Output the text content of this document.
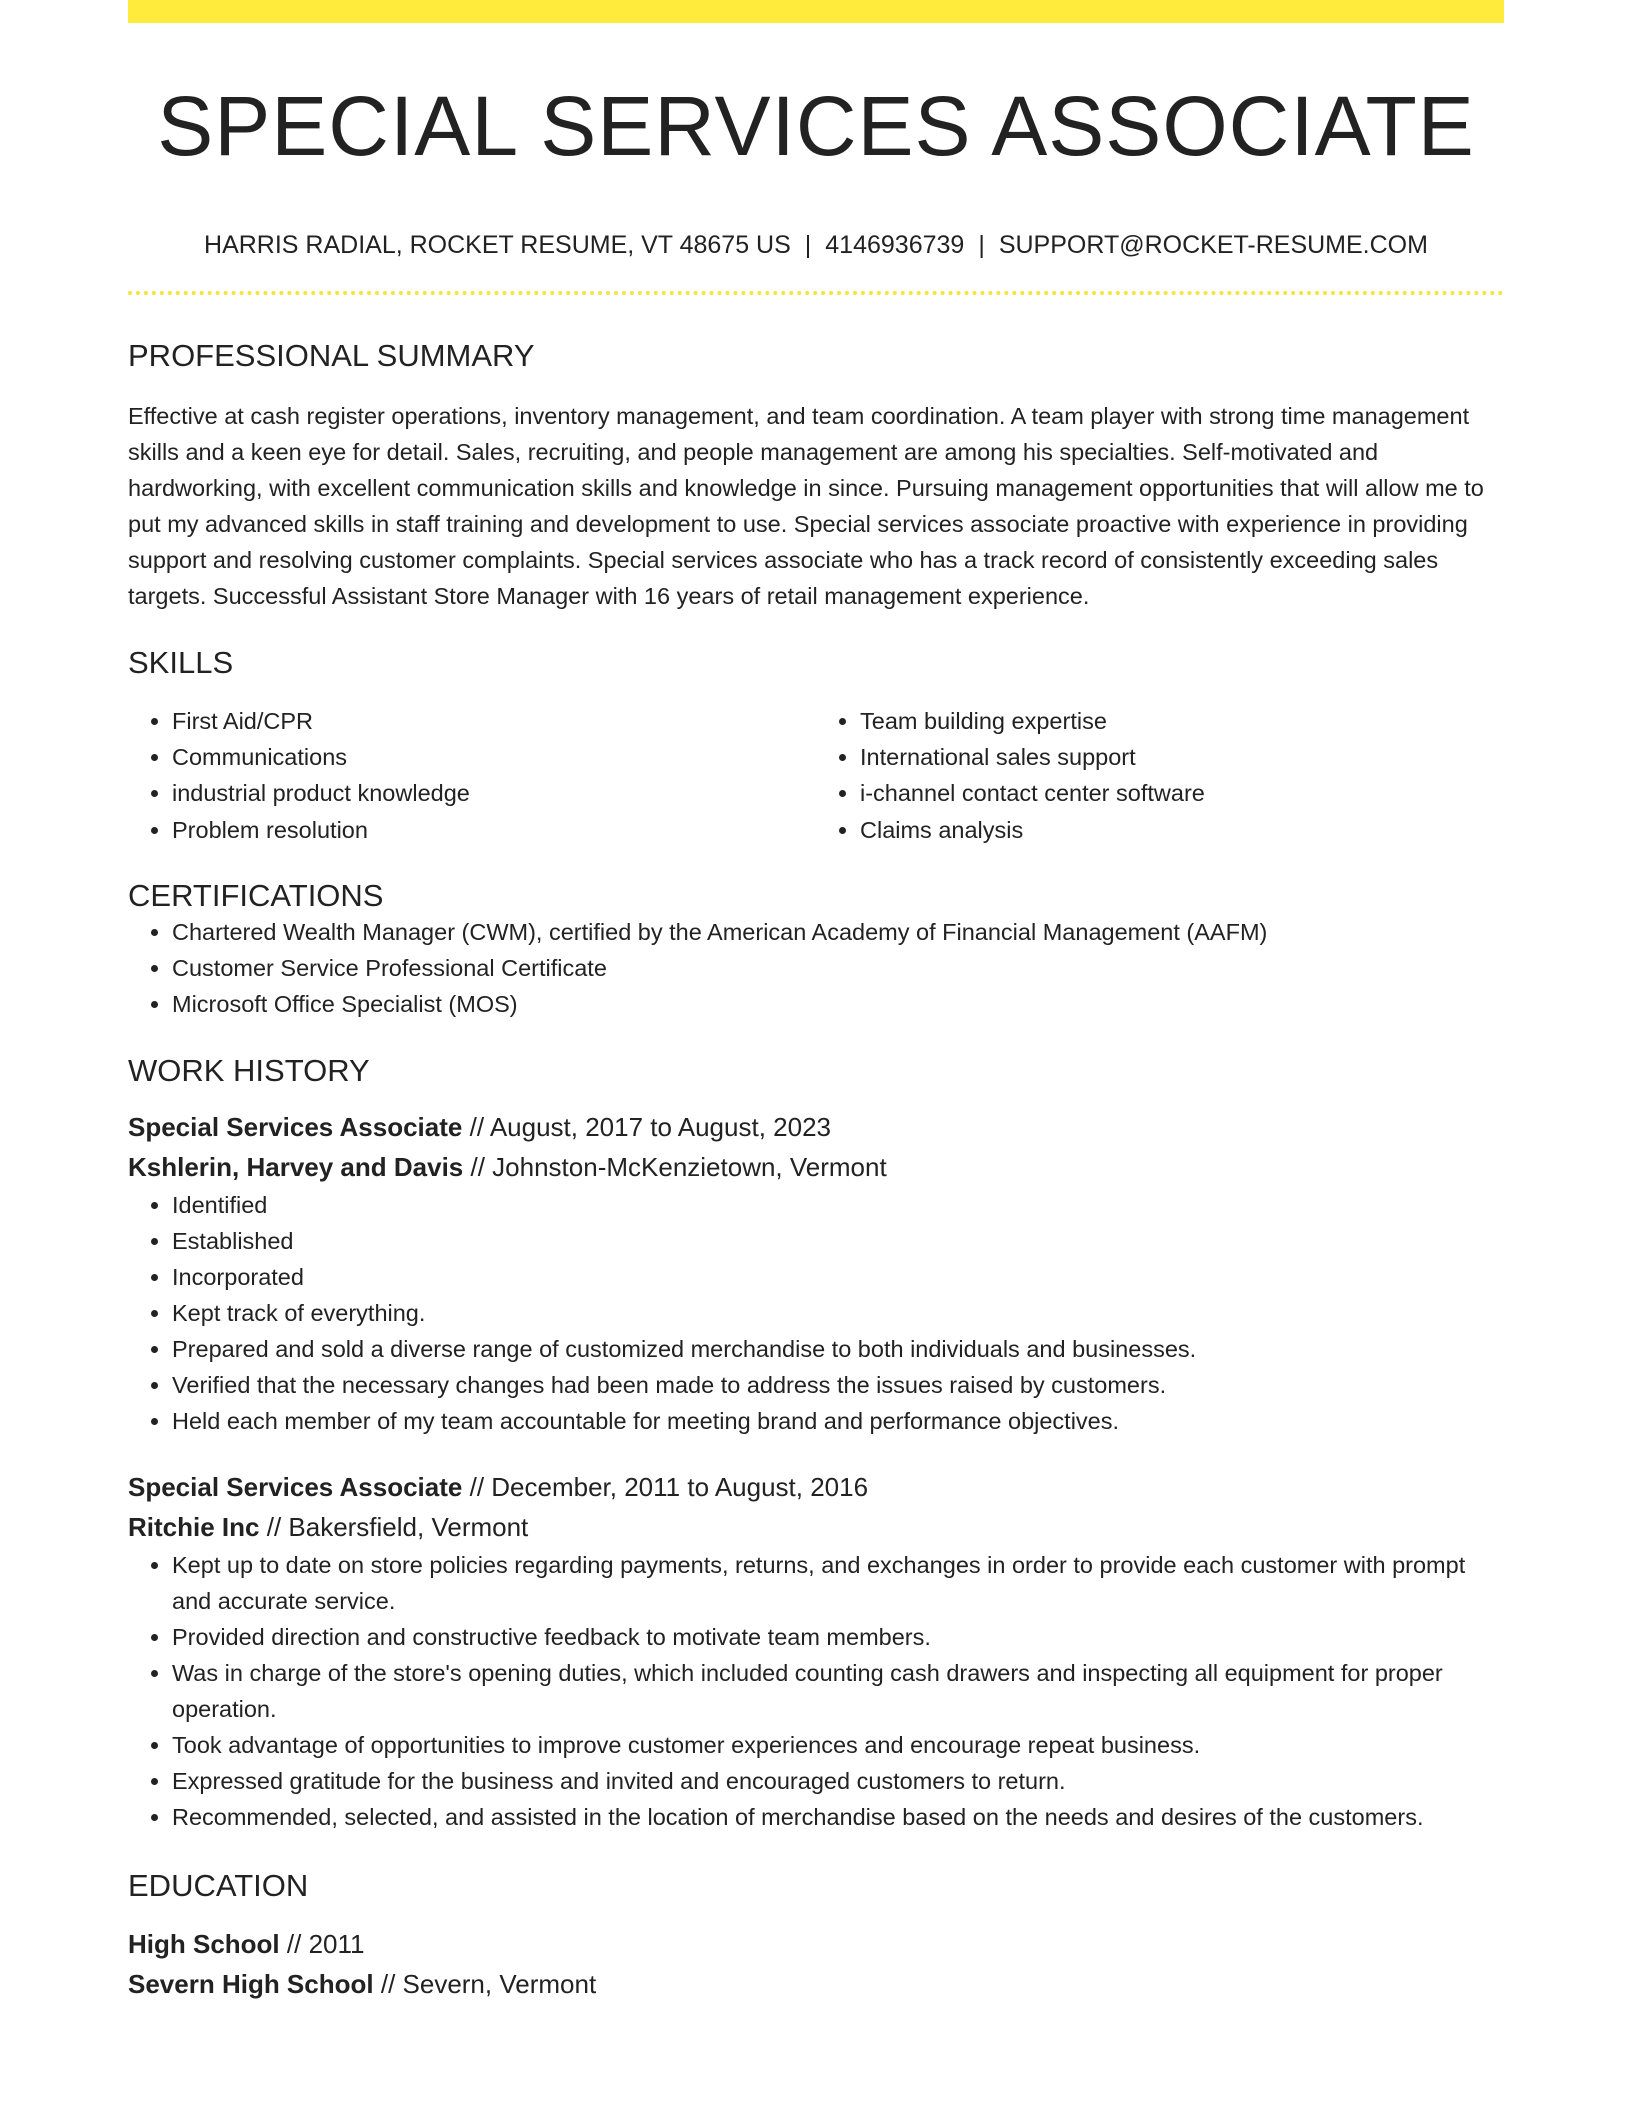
SPECIAL SERVICES ASSOCIATE
HARRIS RADIAL, ROCKET RESUME, VT 48675 US | 4146936739 | SUPPORT@ROCKET-RESUME.COM
PROFESSIONAL SUMMARY

Effective at cash register operations, inventory management, and team coordination. A team player with strong time management skills and a keen eye for detail. Sales, recruiting, and people management are among his specialties. Self-motivated and hardworking, with excellent communication skills and knowledge in since. Pursuing management opportunities that will allow me to put my advanced skills in staff training and development to use. Special services associate proactive with experience in providing support and resolving customer complaints. Special services associate who has a track record of consistently exceeding sales targets. Successful Assistant Store Manager with 16 years of retail management experience.

SKILLS
• First Aid/CPR
• Communications
• industrial product knowledge
• Problem resolution
• Team building expertise
• International sales support
• i-channel contact center software
• Claims analysis
CERTIFICATIONS
• Chartered Wealth Manager (CWM), certified by the American Academy of Financial Management (AAFM)
• Customer Service Professional Certificate
• Microsoft Office Specialist (MOS)
WORK HISTORY
Special Services Associate // August, 2017 to August, 2023
Kshlerin, Harvey and Davis // Johnston-McKenzietown, Vermont
• Identified
• Established
• Incorporated
• Kept track of everything.
• Prepared and sold a diverse range of customized merchandise to both individuals and businesses.
• Verified that the necessary changes had been made to address the issues raised by customers.
• Held each member of my team accountable for meeting brand and performance objectives.
Special Services Associate // December, 2011 to August, 2016
Ritchie Inc // Bakersfield, Vermont
• Kept up to date on store policies regarding payments, returns, and exchanges in order to provide each customer with prompt and accurate service.
• Provided direction and constructive feedback to motivate team members.
• Was in charge of the store's opening duties, which included counting cash drawers and inspecting all equipment for proper operation.
• Took advantage of opportunities to improve customer experiences and encourage repeat business.
• Expressed gratitude for the business and invited and encouraged customers to return.
• Recommended, selected, and assisted in the location of merchandise based on the needs and desires of the customers.
EDUCATION
High School // 2011
Severn High School // Severn, Vermont
